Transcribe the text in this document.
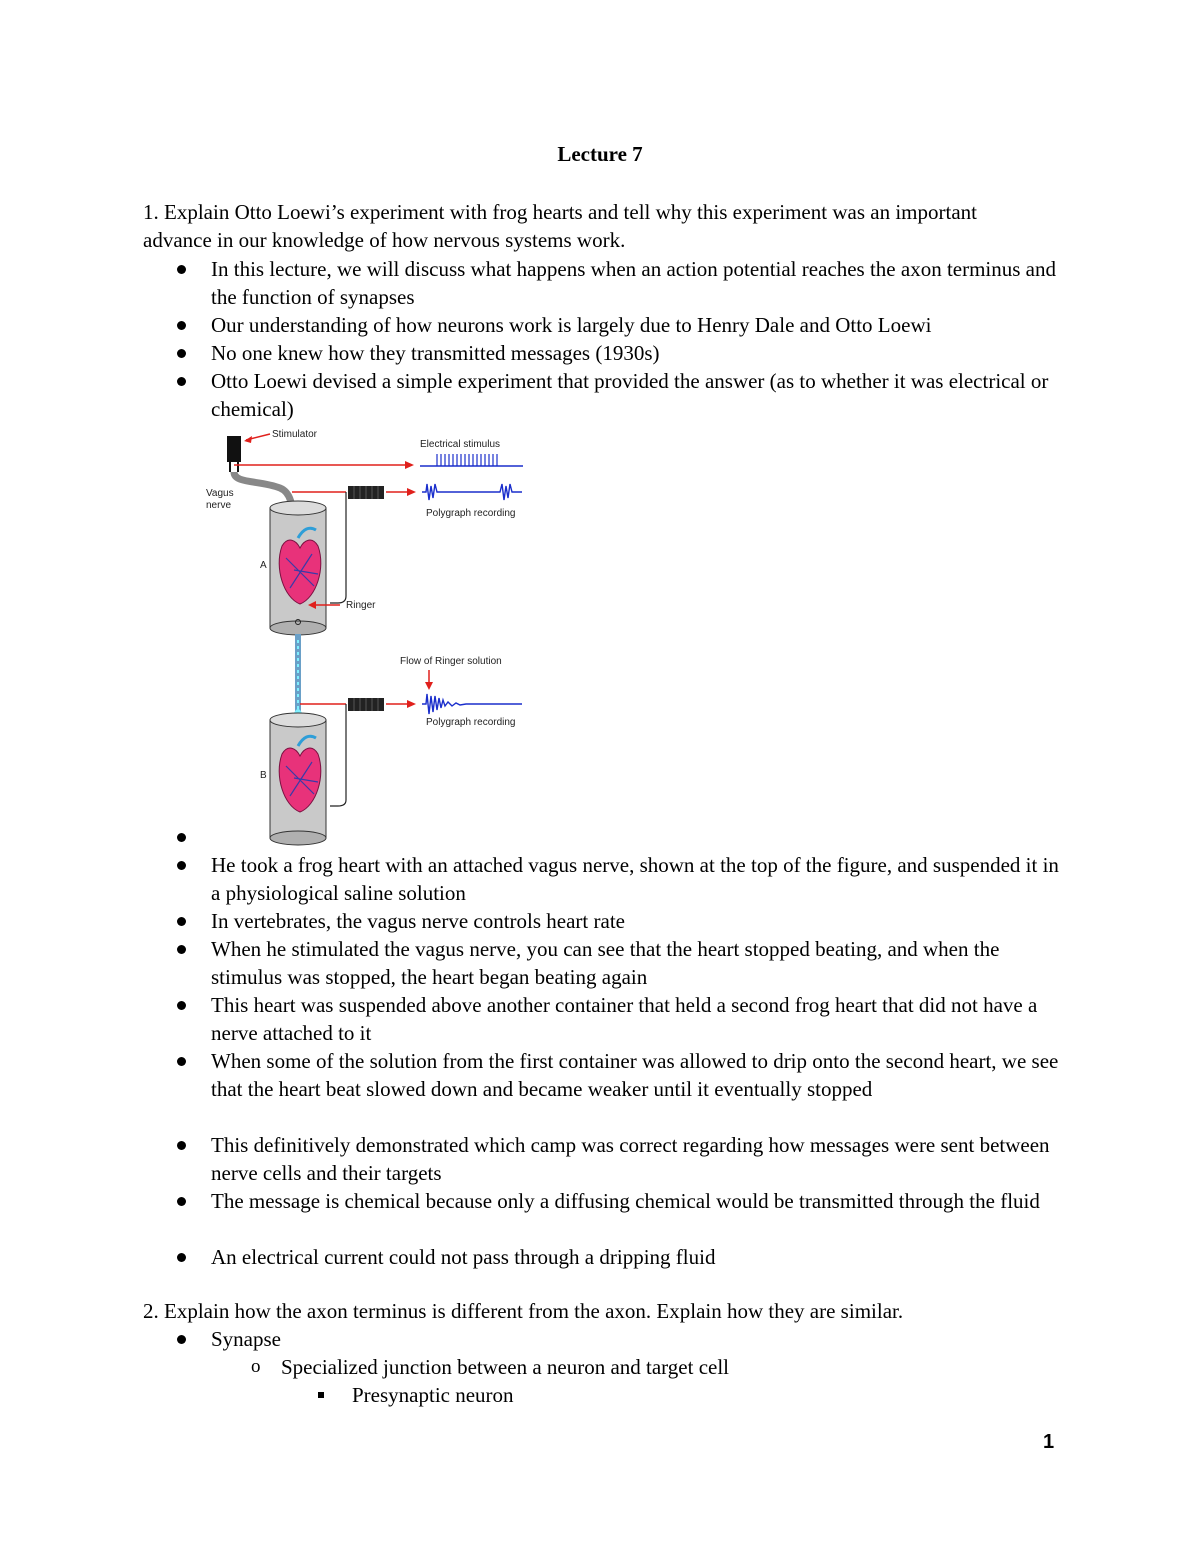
Lecture 7
1. Explain Otto Loewi’s experiment with frog hearts and tell why this experiment was an important advance in our knowledge of how nervous systems work.
In this lecture, we will discuss what happens when an action potential reaches the axon terminus and the function of synapses
Our understanding of how neurons work is largely due to Henry Dale and Otto Loewi
No one knew how they transmitted messages (1930s)
Otto Loewi devised a simple experiment that provided the answer (as to whether it was electrical or chemical)
Stimulator
Electrical stimulus
Vagus
nerve
Polygraph recording
A
Ringer
Flow of Ringer solution
Polygraph recording
B
He took a frog heart with an attached vagus nerve, shown at the top of the figure, and suspended it in a physiological saline solution
In vertebrates, the vagus nerve controls heart rate
When he stimulated the vagus nerve, you can see that the heart stopped beating, and when the stimulus was stopped, the heart began beating again
This heart was suspended above another container that held a second frog heart that did not have a nerve attached to it
When some of the solution from the first container was allowed to drip onto the second heart, we see that the heart beat slowed down and became weaker until it eventually stopped
This definitively demonstrated which camp was correct regarding how messages were sent between nerve cells and their targets
The message is chemical because only a diffusing chemical would be transmitted through the fluid
An electrical current could not pass through a dripping fluid
2. Explain how the axon terminus is different from the axon. Explain how they are similar.
Synapse
o Specialized junction between a neuron and target cell
Presynaptic neuron
1
